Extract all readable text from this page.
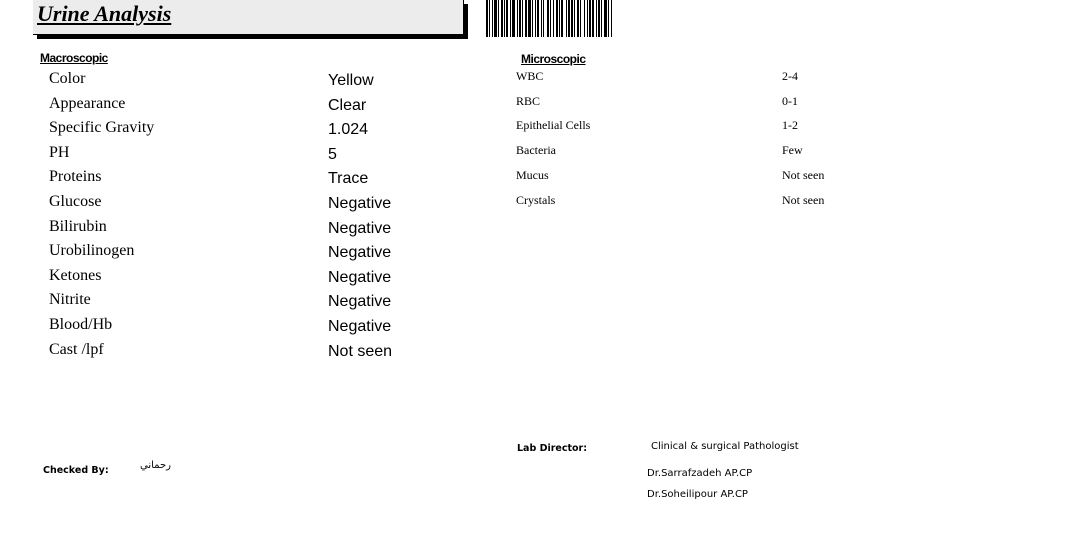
Urine Analysis
Macroscopic
Color	Yellow
Appearance	Clear
Specific Gravity	1.024
PH	5
Proteins	Trace
Glucose	Negative
Bilirubin	Negative
Urobilinogen	Negative
Ketones	Negative
Nitrite	Negative
Blood/Hb	Negative
Cast /lpf	Not seen
Microscopic
WBC	2-4
RBC	0-1
Epithelial Cells	1-2
Bacteria	Few
Mucus	Not seen
Crystals	Not seen
Checked By:	رحماني
Lab Director:	Clinical & surgical Pathologist
Dr.Sarrafzadeh AP.CP
Dr.Soheilipour AP.CP
